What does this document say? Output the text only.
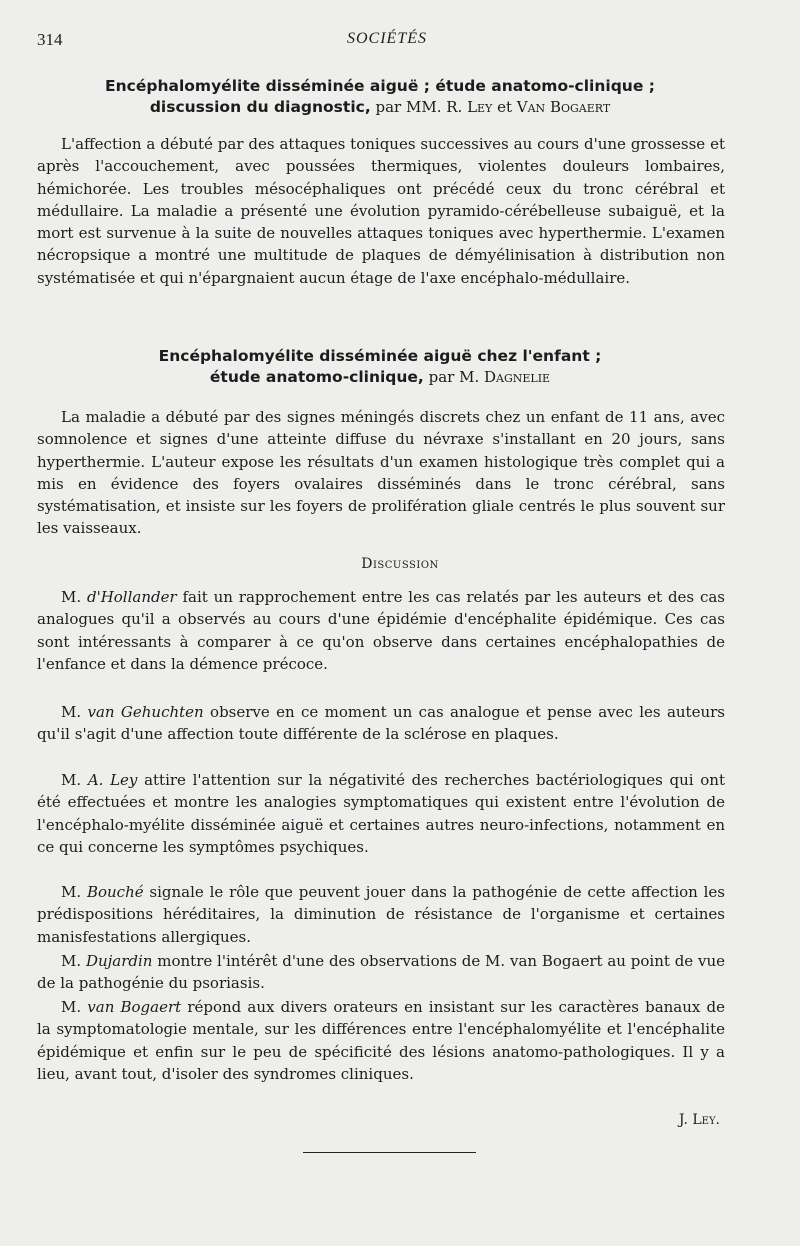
314	SOCIÉTÉS
Encéphalomyélite disséminée aiguë ; étude anatomo-clinique ;
discussion du diagnostic, par MM. R. Ley et Van Bogaert

L'affection a débuté par des attaques toniques successives au cours d'une grossesse et après l'accouchement, avec poussées thermiques, violentes douleurs lombaires, hémichorée. Les troubles mésocéphaliques ont précédé ceux du tronc cérébral et médullaire. La maladie a présenté une évolution pyramido-cérébelleuse subaiguë, et la mort est survenue à la suite de nouvelles attaques toniques avec hyperthermie. L'examen nécropsique a montré une multitude de plaques de démyélinisation à distribution non systématisée et qui n'épargnaient aucun étage de l'axe encéphalo-médullaire.

Encéphalomyélite disséminée aiguë chez l'enfant ;
étude anatomo-clinique, par M. Dagnelie

La maladie a débuté par des signes méningés discrets chez un enfant de 11 ans, avec somnolence et signes d'une atteinte diffuse du névraxe s'installant en 20 jours, sans hyperthermie. L'auteur expose les résultats d'un examen histologique très complet qui a mis en évidence des foyers ovalaires disséminés dans le tronc cérébral, sans systématisation, et insiste sur les foyers de prolifération gliale centrés le plus souvent sur les vaisseaux.

Discussion

M. d'Hollander fait un rapprochement entre les cas relatés par les auteurs et des cas analogues qu'il a observés au cours d'une épidémie d'encéphalite épidémique. Ces cas sont intéressants à comparer à ce qu'on observe dans certaines encéphalopathies de l'enfance et dans la démence précoce.

M. van Gehuchten observe en ce moment un cas analogue et pense avec les auteurs qu'il s'agit d'une affection toute différente de la sclérose en plaques.

M. A. Ley attire l'attention sur la négativité des recherches bactériologiques qui ont été effectuées et montre les analogies symptomatiques qui existent entre l'évolution de l'encéphalo-myélite disséminée aiguë et certaines autres neuro-infections, notamment en ce qui concerne les symptômes psychiques.

M. Bouché signale le rôle que peuvent jouer dans la pathogénie de cette affection les prédispositions héréditaires, la diminution de résistance de l'organisme et certaines manisfestations allergiques.

M. Dujardin montre l'intérêt d'une des observations de M. van Bogaert au point de vue de la pathogénie du psoriasis.

M. van Bogaert répond aux divers orateurs en insistant sur les caractères banaux de la symptomatologie mentale, sur les différences entre l'encéphalomyélite et l'encéphalite épidémique et enfin sur le peu de spécificité des lésions anatomo-pathologiques. Il y a lieu, avant tout, d'isoler des syndromes cliniques.

J. Ley.
